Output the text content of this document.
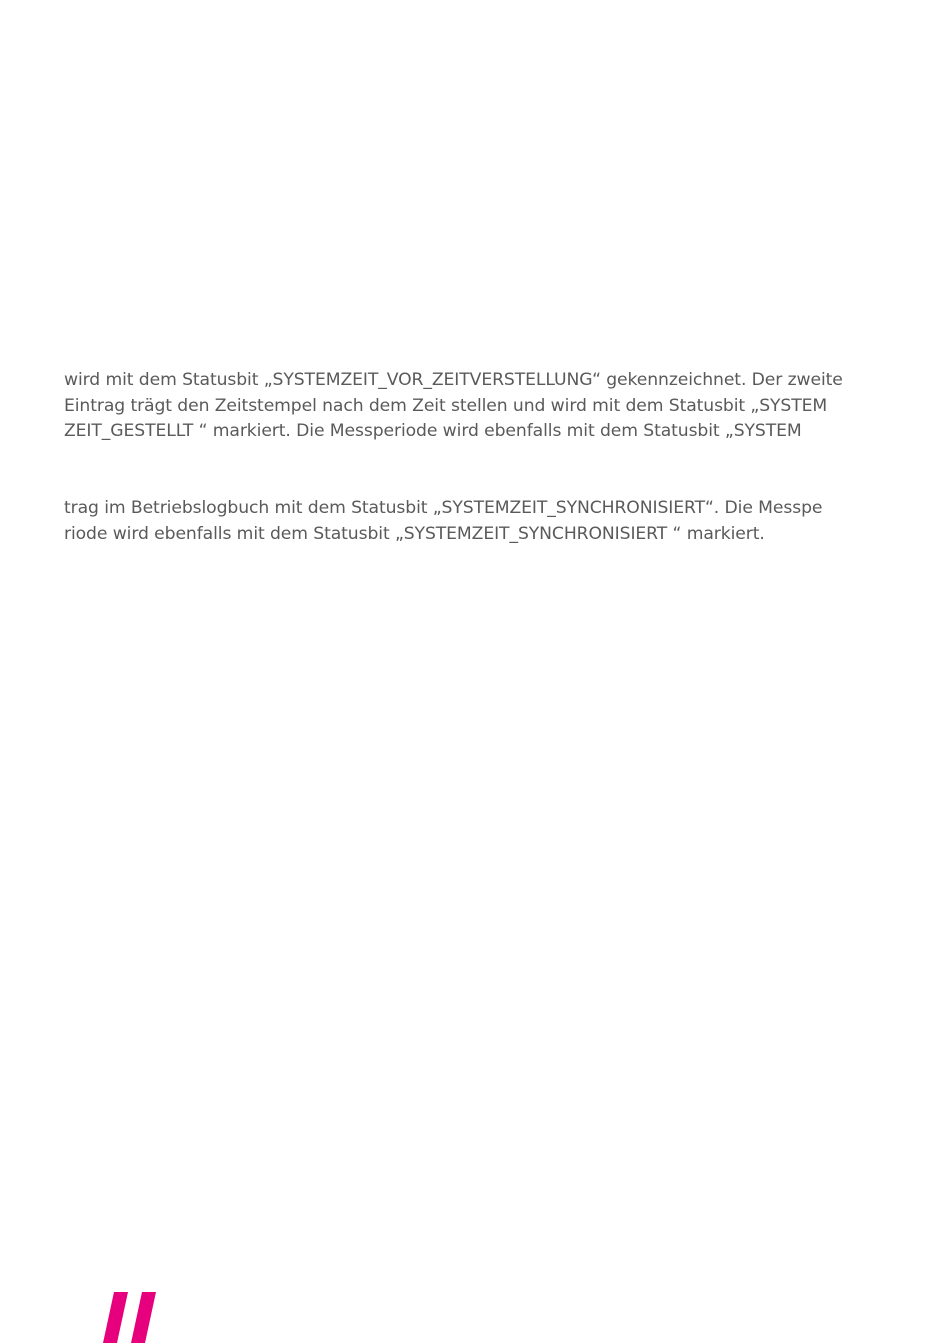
wird mit dem Statusbit „SYSTEMZEIT_VOR_ZEITVERSTELLUNG“ gekennzeichnet. Der zweite
Eintrag trägt den Zeitstempel nach dem Zeit stellen und wird mit dem Statusbit „SYSTEM
ZEIT_GESTELLT “ markiert. Die Messperiode wird ebenfalls mit dem Statusbit „SYSTEM
trag im Betriebslogbuch mit dem Statusbit „SYSTEMZEIT_SYNCHRONISIERT“. Die Messpe
riode wird ebenfalls mit dem Statusbit „SYSTEMZEIT_SYNCHRONISIERT “ markiert.
